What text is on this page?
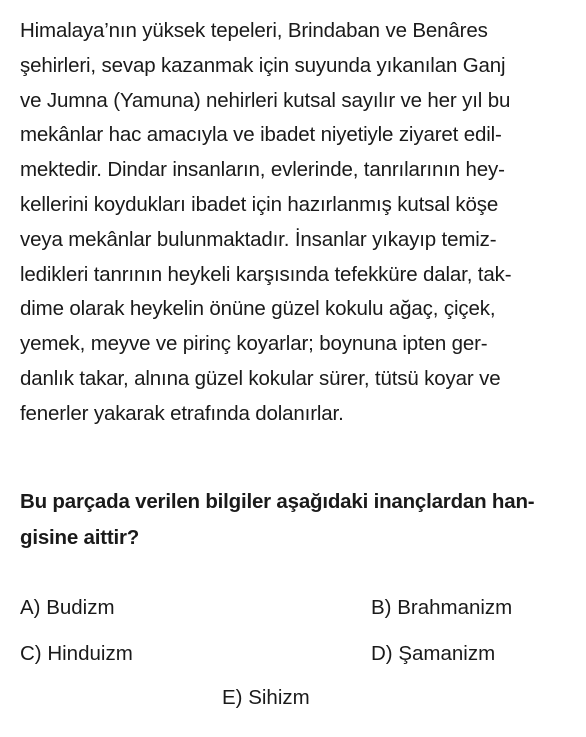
Himalaya’nın yüksek tepeleri, Brindaban ve Benâres
şehirleri, sevap kazanmak için suyunda yıkanılan Ganj
ve Jumna (Yamuna) nehirleri kutsal sayılır ve her yıl bu
mekânlar hac amacıyla ve ibadet niyetiyle ziyaret edil-
mektedir. Dindar insanların, evlerinde, tanrılarının hey-
kellerini koydukları ibadet için hazırlanmış kutsal köşe
veya mekânlar bulunmaktadır. İnsanlar yıkayıp temiz-
ledikleri tanrının heykeli karşısında tefekküre dalar, tak-
dime olarak heykelin önüne güzel kokulu ağaç, çiçek,
yemek, meyve ve pirinç koyarlar; boynuna ipten ger-
danlık takar, alnına güzel kokular sürer, tütsü koyar ve
fenerler yakarak etrafında dolanırlar.
Bu parçada verilen bilgiler aşağıdaki inançlardan han-
gisine aittir?
A) Budizm	B) Brahmanizm
C) Hinduizm	D) Şamanizm
E) Sihizm
